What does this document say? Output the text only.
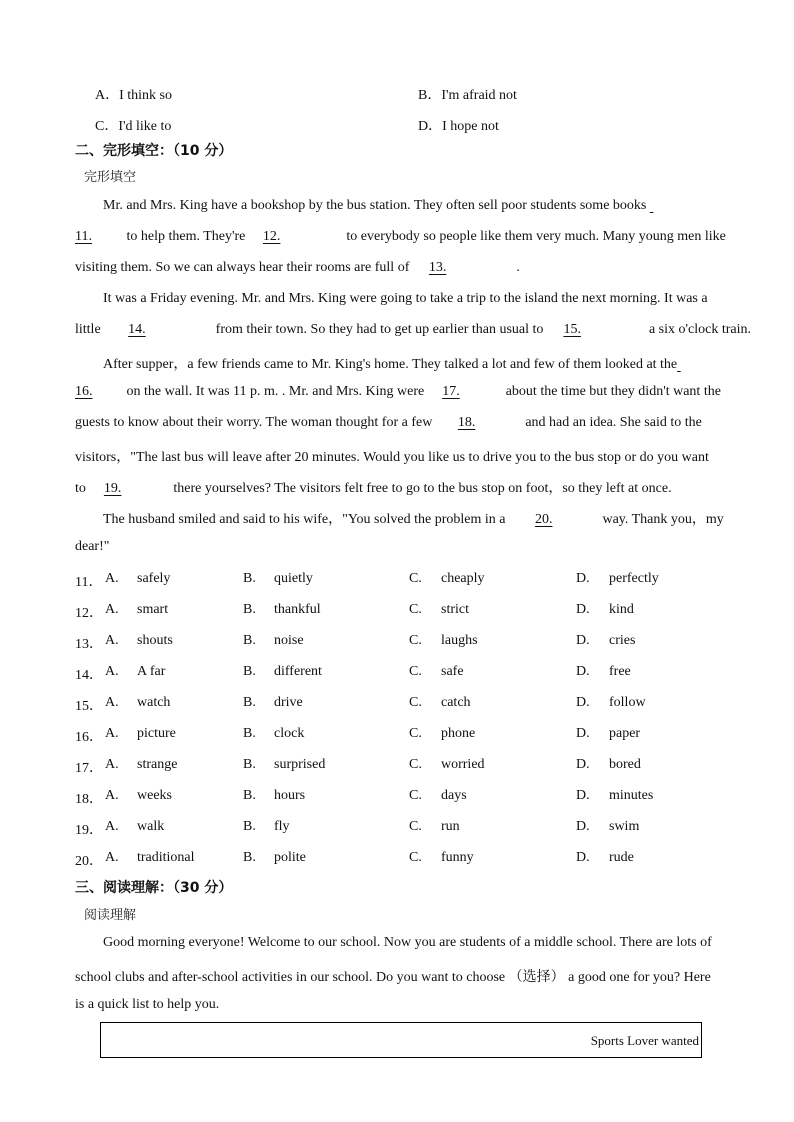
A．I think so	B．I'm afraid not
C．I'd like to	D．I hope not
二、完形填空：（10 分）
完形填空
Mr. and Mrs. King have a bookshop by the bus station. They often sell poor students some books
11. to help them. They're 12.	to everybody so people like them very much. Many young men like
visiting them. So we can always hear their rooms are full of 13.	.
It was a Friday evening. Mr. and Mrs. King were going to take a trip to the island the next morning. It was a
little 14.	from their town. So they had to get up earlier than usual to 15.	a six o'clock train.
After supper，a few friends came to Mr. King's home. They talked a lot and few of them looked at the
16. on the wall. It was 11 p. m. . Mr. and Mrs. King were 17.	about the time but they didn't want the
guests to know about their worry. The woman thought for a few 18.	and had an idea. She said to the
visitors，"The last bus will leave after 20 minutes. Would you like us to drive you to the bus stop or do you want
to 19.	there yourselves? The visitors felt free to go to the bus stop on foot，so they left at once.
The husband smiled and said to his wife，"You solved the problem in a 20.	way. Thank you，my
dear!"
11． A. safely	B. quietly	C. cheaply	D. perfectly
12． A. smart	B. thankful	C. strict	D. kind
13． A. shouts	B. noise	C. laughs	D. cries
14． A. A far	B. different	C. safe	D. free
15． A. watch	B. drive	C. catch	D. follow
16． A. picture	B. clock	C. phone	D. paper
17． A. strange	B. surprised	C. worried	D. bored
18． A. weeks	B. hours	C. days	D. minutes
19． A. walk	B. fly	C. run	D. swim
20． A. traditional	B. polite	C. funny	D. rude
三、阅读理解：（30 分）
阅读理解
Good morning everyone! Welcome to our school. Now you are students of a middle school. There are lots of
school clubs and after-school activities in our school. Do you want to choose （选择） a good one for you? Here
is a quick list to help you.
Sports Lover wanted
